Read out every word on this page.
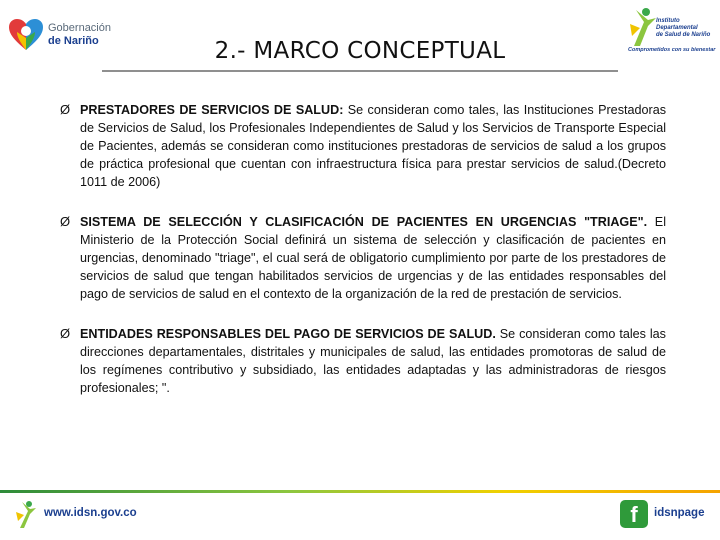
Gobernación
de Nariño	2.- MARCO CONCEPTUAL
Instituto
Departamental
de Salud de Nariño
Comprometidos con su bienestar
Ø PRESTADORES DE SERVICIOS DE SALUD: Se consideran como tales, las Instituciones Prestadoras de Servicios de Salud, los Profesionales Independientes de Salud y los Servicios de Transporte Especial de Pacientes, además se consideran como instituciones prestadoras de servicios de salud a los grupos de práctica profesional que cuentan con infraestructura física para prestar servicios de salud.(Decreto 1011 de 2006)
Ø SISTEMA DE SELECCIÓN Y CLASIFICACIÓN DE PACIENTES EN URGENCIAS "TRIAGE". El Ministerio de la Protección Social definirá un sistema de selección y clasificación de pacientes en urgencias, denominado "triage", el cual será de obligatorio cumplimiento por parte de los prestadores de servicios de salud que tengan habilitados servicios de urgencias y de las entidades responsables del pago de servicios de salud en el contexto de la organización de la red de prestación de servicios.
Ø ENTIDADES RESPONSABLES DEL PAGO DE SERVICIOS DE SALUD. Se consideran como tales las direcciones departamentales, distritales y municipales de salud, las entidades promotoras de salud de los regímenes contributivo y subsidiado, las entidades adaptadas y las administradoras de riesgos profesionales; ".
www.idsn.gov.co	f	idsnpage
